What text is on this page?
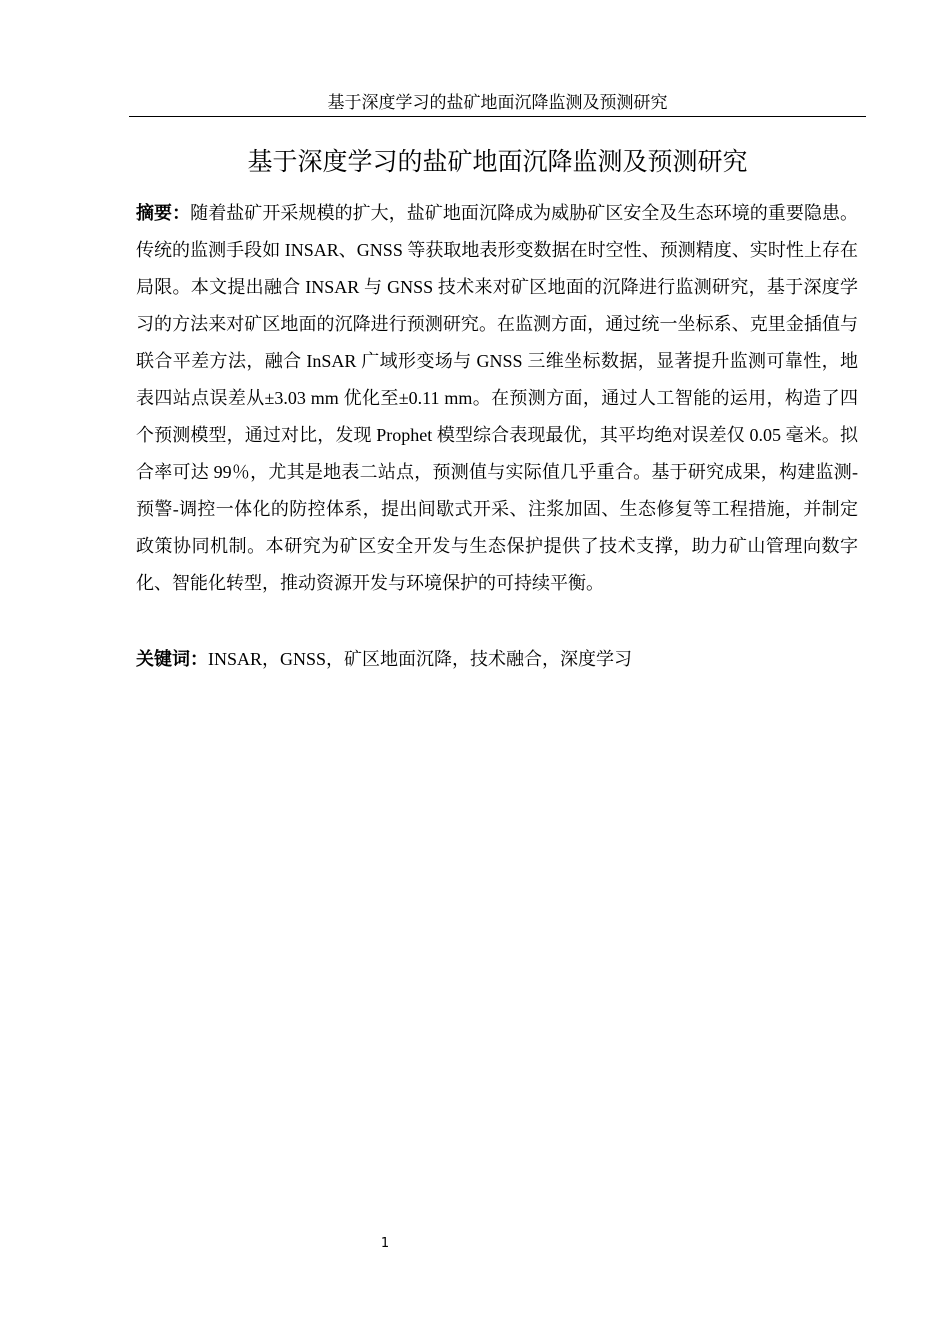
基于深度学习的盐矿地面沉降监测及预测研究
基于深度学习的盐矿地面沉降监测及预测研究

摘要：随着盐矿开采规模的扩大，盐矿地面沉降成为威胁矿区安全及生态环境的重要隐患。传统的监测手段如 INSAR、GNSS 等获取地表形变数据在时空性、预测精度、实时性上存在局限。本文提出融合 INSAR 与 GNSS 技术来对矿区地面的沉降进行监测研究，基于深度学习的方法来对矿区地面的沉降进行预测研究。在监测方面，通过统一坐标系、克里金插值与联合平差方法，融合 InSAR 广域形变场与 GNSS 三维坐标数据，显著提升监测可靠性，地表四站点误差从±3.03 mm 优化至±0.11 mm。在预测方面，通过人工智能的运用，构造了四个预测模型，通过对比，发现 Prophet 模型综合表现最优，其平均绝对误差仅 0.05 毫米。拟合率可达 99％，尤其是地表二站点，预测值与实际值几乎重合。基于研究成果，构建监测-预警-调控一体化的防控体系，提出间歇式开采、注浆加固、生态修复等工程措施，并制定政策协同机制。本研究为矿区安全开发与生态保护提供了技术支撑，助力矿山管理向数字化、智能化转型，推动资源开发与环境保护的可持续平衡。

关键词：INSAR，GNSS，矿区地面沉降，技术融合，深度学习

1
